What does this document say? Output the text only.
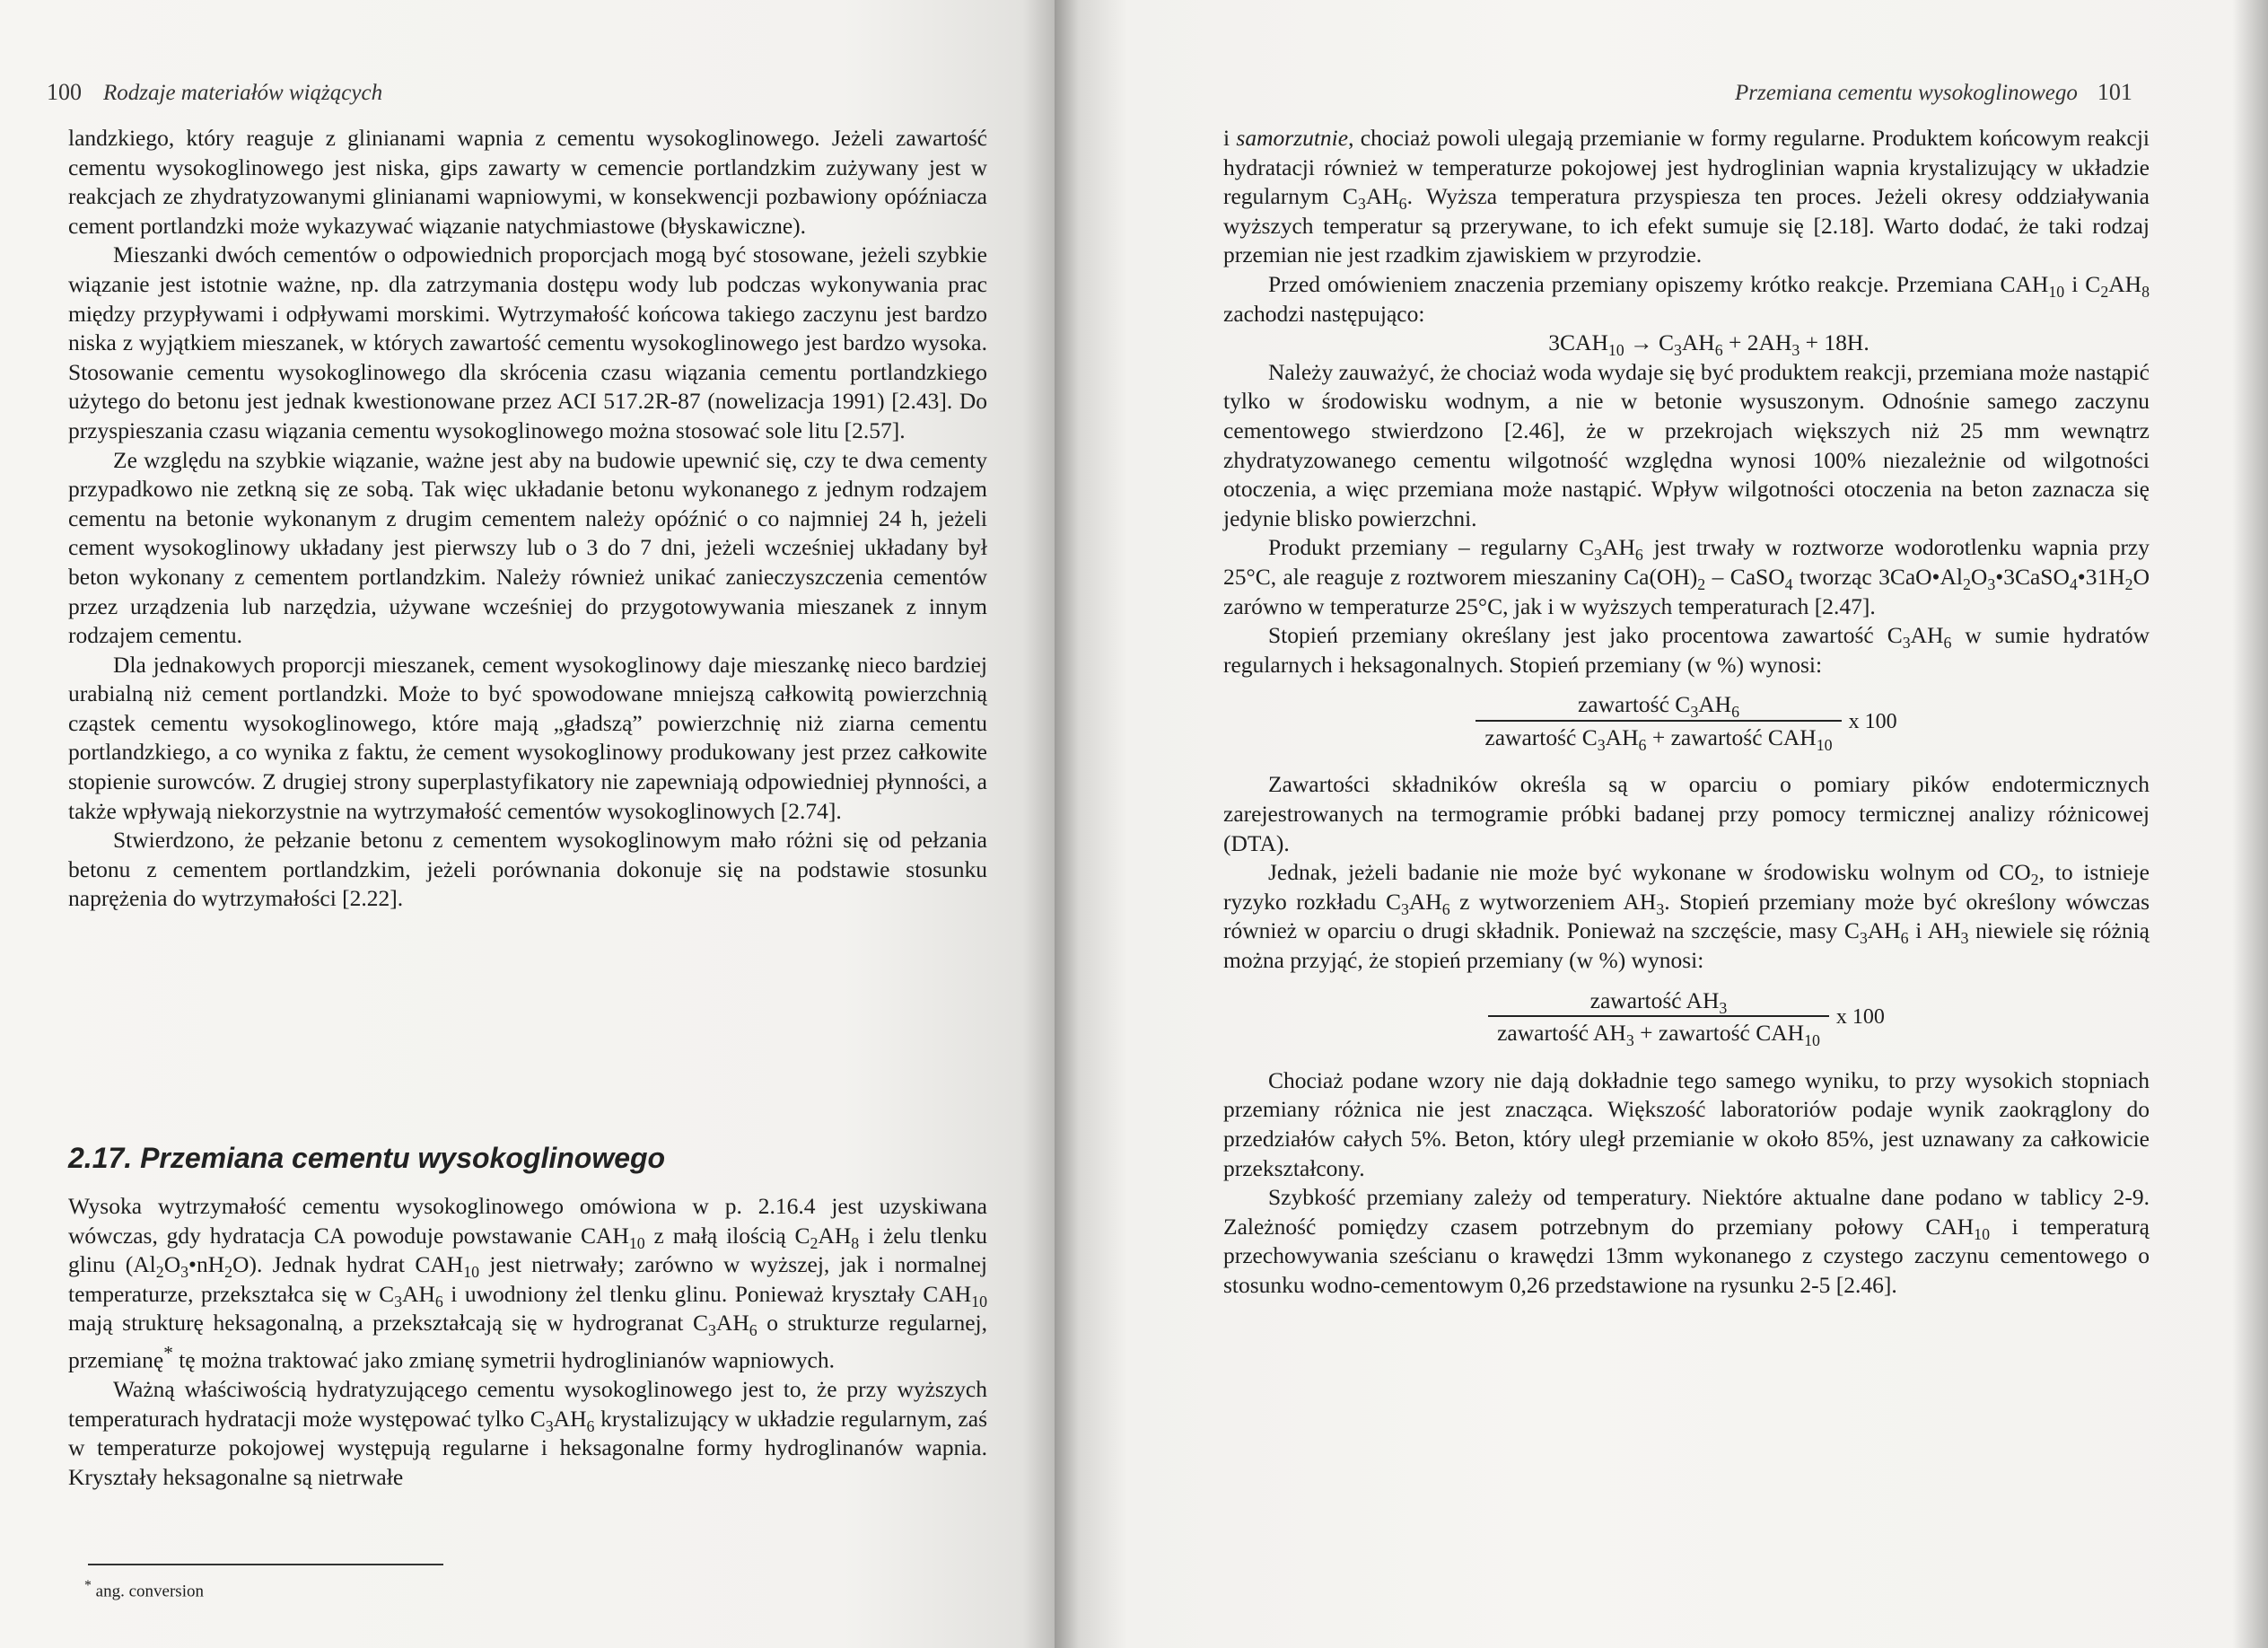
100 Rodzaje materiałów wiążących

landzkiego, który reaguje z glinianami wapnia z cementu wysokoglinowego. Jeżeli zawartość cementu wysokoglinowego jest niska, gips zawarty w cemencie portlandzkim zużywany jest w reakcjach ze zhydratyzowanymi glinianami wapniowymi, w konsekwencji pozbawiony opóźniacza cement portlandzki może wykazywać wiązanie natychmiastowe (błyskawiczne).

Mieszanki dwóch cementów o odpowiednich proporcjach mogą być stosowane, jeżeli szybkie wiązanie jest istotnie ważne, np. dla zatrzymania dostępu wody lub podczas wykonywania prac między przypływami i odpływami morskimi. Wytrzymałość końcowa takiego zaczynu jest bardzo niska z wyjątkiem mieszanek, w których zawartość cementu wysokoglinowego jest bardzo wysoka. Stosowanie cementu wysokoglinowego dla skrócenia czasu wiązania cementu portlandzkiego użytego do betonu jest jednak kwestionowane przez ACI 517.2R-87 (nowelizacja 1991) [2.43]. Do przyspieszania czasu wiązania cementu wysokoglinowego można stosować sole litu [2.57].

Ze względu na szybkie wiązanie, ważne jest aby na budowie upewnić się, czy te dwa cementy przypadkowo nie zetkną się ze sobą. Tak więc układanie betonu wykonanego z jednym rodzajem cementu na betonie wykonanym z drugim cementem należy opóźnić o co najmniej 24 h, jeżeli cement wysokoglinowy układany jest pierwszy lub o 3 do 7 dni, jeżeli wcześniej układany był beton wykonany z cementem portlandzkim. Należy również unikać zanieczyszczenia cementów przez urządzenia lub narzędzia, używane wcześniej do przygotowywania mieszanek z innym rodzajem cementu.

Dla jednakowych proporcji mieszanek, cement wysokoglinowy daje mieszankę nieco bardziej urabialną niż cement portlandzki. Może to być spowodowane mniejszą całkowitą powierzchnią cząstek cementu wysokoglinowego, które mają „gładszą” powierzchnię niż ziarna cementu portlandzkiego, a co wynika z faktu, że cement wysokoglinowy produkowany jest przez całkowite stopienie surowców. Z drugiej strony superplastyfikatory nie zapewniają odpowiedniej płynności, a także wpływają niekorzystnie na wytrzymałość cementów wysokoglinowych [2.74].

Stwierdzono, że pełzanie betonu z cementem wysokoglinowym mało różni się od pełzania betonu z cementem portlandzkim, jeżeli porównania dokonuje się na podstawie stosunku naprężenia do wytrzymałości [2.22].

2.17. Przemiana cementu wysokoglinowego

Wysoka wytrzymałość cementu wysokoglinowego omówiona w p. 2.16.4 jest uzyskiwana wówczas, gdy hydratacja CA powoduje powstawanie $CAH_{10}$ z małą ilością $C_2AH_8$ i żelu tlenku glinu $(Al_2O_3•nH_2O)$. Jednak hydrat $CAH_{10}$ jest nietrwały; zarówno w wyższej, jak i normalnej temperaturze, przekształca się w $C_3AH_6$ i uwodniony żel tlenku glinu. Ponieważ kryształy $CAH_{10}$ mają strukturę heksagonalną, a przekształcają się w hydrogranat $C_3AH_6$ o strukturze regularnej, przemianę* tę można traktować jako zmianę symetrii hydroglinianów wapniowych.

Ważną właściwością hydratyzującego cementu wysokoglinowego jest to, że przy wyższych temperaturach hydratacji może występować tylko $C_3AH_6$ krystalizujący w układzie regularnym, zaś w temperaturze pokojowej występują regularne i heksagonalne formy hydroglinanów wapnia. Kryształy heksagonalne są nietrwałe

* ang. conversion
Przemiana cementu wysokoglinowego 101

i samorzutnie, chociaż powoli ulegają przemianie w formy regularne. Produktem końcowym reakcji hydratacji również w temperaturze pokojowej jest hydroglinian wapnia krystalizujący w układzie regularnym $C_3AH_6$. Wyższa temperatura przyspiesza ten proces. Jeżeli okresy oddziaływania wyższych temperatur są przerywane, to ich efekt sumuje się [2.18]. Warto dodać, że taki rodzaj przemian nie jest rzadkim zjawiskiem w przyrodzie.

Przed omówieniem znaczenia przemiany opiszemy krótko reakcje. Przemiana $CAH_{10}$ i $C_2AH_8$ zachodzi następująco:

$3CAH_{10} \to C_3AH_6 + 2AH_3 + 18H$.

Należy zauważyć, że chociaż woda wydaje się być produktem reakcji, przemiana może nastąpić tylko w środowisku wodnym, a nie w betonie wysuszonym. Odnośnie samego zaczynu cementowego stwierdzono [2.46], że w przekrojach większych niż 25 mm wewnątrz zhydratyzowanego cementu wilgotność względna wynosi 100% niezależnie od wilgotności otoczenia, a więc przemiana może nastąpić. Wpływ wilgotności otoczenia na beton zaznacza się jedynie blisko powierzchni.

Produkt przemiany – regularny $C_3AH_6$ jest trwały w roztworze wodorotlenku wapnia przy 25°C, ale reaguje z roztworem mieszaniny $Ca(OH)_2$ – CaSO$_4$ tworząc $3CaO•Al_2O_3•3CaSO_4•31H_2O$ zarówno w temperaturze 25°C, jak i w wyższych temperaturach [2.47].

Stopień przemiany określany jest jako procentowa zawartość $C_3AH_6$ w sumie hydratów regularnych i heksagonalnych. Stopień przemiany (w %) wynosi:

$\frac{zawartość C_3AH_6}{zawartość C_3AH_6 + zawartość CAH_{10}}$ x 100

Zawartości składników określa są w oparciu o pomiary pików endotermicznych zarejestrowanych na termogramie próbki badanej przy pomocy termicznej analizy różnicowej (DTA).

Jednak, jeżeli badanie nie może być wykonane w środowisku wolnym od $CO_2$, to istnieje ryzyko rozkładu $C_3AH_6$ z wytworzeniem $AH_3$. Stopień przemiany może być określony wówczas również w oparciu o drugi składnik. Ponieważ na szczęście, masy $C_3AH_6$ i $AH_3$ niewiele się różnią można przyjąć, że stopień przemiany (w %) wynosi:

$\frac{zawartość AH_3}{zawartość AH_3 + zawartość CAH_{10}}$ x 100

Chociaż podane wzory nie dają dokładnie tego samego wyniku, to przy wysokich stopniach przemiany różnica nie jest znacząca. Większość laboratoriów podaje wynik zaokrąglony do przedziałów całych 5%. Beton, który uległ przemianie w około 85%, jest uznawany za całkowicie przekształcony.

Szybkość przemiany zależy od temperatury. Niektóre aktualne dane podano w tablicy 2-9. Zależność pomiędzy czasem potrzebnym do przemiany połowy $CAH_{10}$ i temperaturą przechowywania sześcianu o krawędzi 13mm wykonanego z czystego zaczynu cementowego o stosunku wodno-cementowym 0,26 przedstawione na rysunku 2-5 [2.46].
